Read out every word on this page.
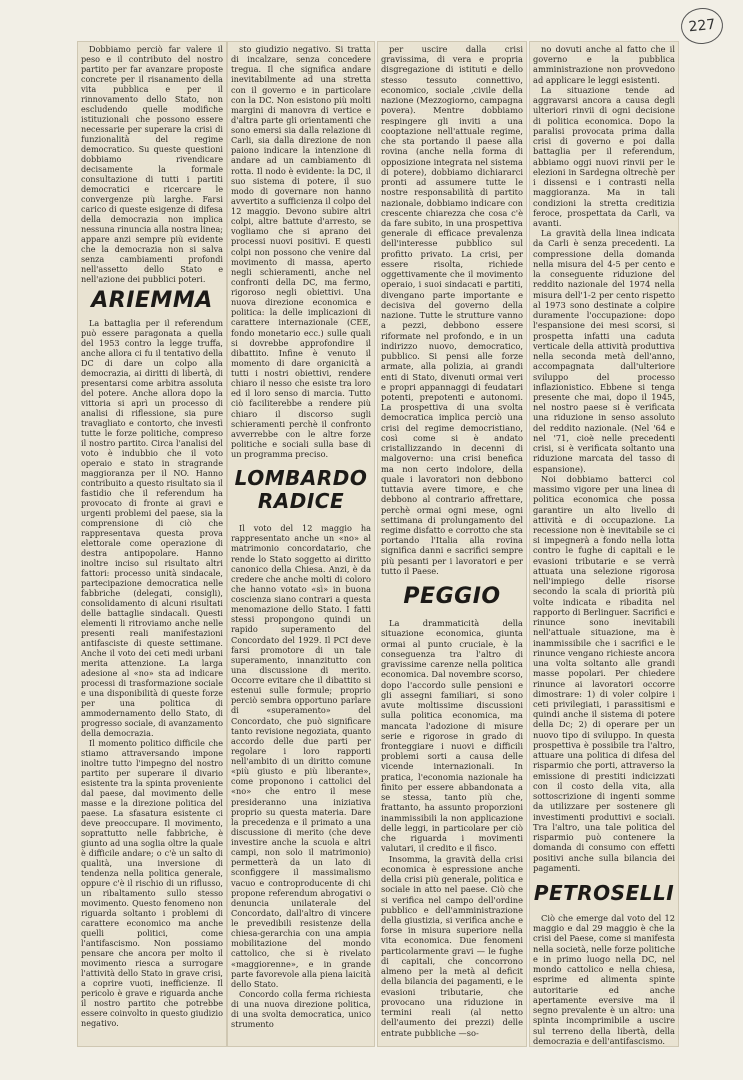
227

Dobbiamo perciò far valere il peso e il contributo del nostro partito per far avanzare proposte concrete per il risanamento della vita pubblica e per il rinnovamento dello Stato, non escludendo quelle modifiche istituzionali che possono essere necessarie per superare la crisi di funzionalità del regime democratico. Su queste questioni dobbiamo rivendicare decisamente la formale consultazione di tutti i partiti democratici e ricercare le convergenze più larghe. Farsi carico di queste esigenze di difesa della democrazia non implica nessuna rinuncia alla nostra linea; appare anzi sempre più evidente che la democrazia non si salva senza cambiamenti profondi nell'assetto dello Stato e nell'azione dei pubblici poteri.

ARIEMMA

La battaglia per il referendum può essere paragonata a quella del 1953 contro la legge truffa, anche allora ci fu il tentativo della DC di dare un colpo alla democrazia, ai diritti di libertà, di presentarsi come arbitra assoluta del potere. Anche allora dopo la vittoria si aprì un processo di analisi di riflessione, sia pure travagliato e contorto, che investì tutte le forze politiche, compreso il nostro partito. Circa l'analisi del voto è indubbio che il voto operaio e stato in stragrande maggioranza per il NO. Hanno contribuito a questo risultato sia il fastidio che il referendum ha provocato di fronte ai gravi e urgenti problemi del paese, sia la comprensione di ciò che rappresentava questa prova elettorale come operazione di destra antipopolare. Hanno inoltre inciso sul risultato altri fattori: processo unità sindacale, partecipazione democratica nelle fabbriche (delegati, consigli), consolidamento di alcuni risultati delle battaglie sindacali. Questi elementi li ritroviamo anche nelle presenti reali manifestazioni antifasciste di queste settimane. Anche il voto dei ceti medi urbani merita attenzione. La larga adesione al «no» sta ad indicare processi di trasformazione sociale e una disponibilità di queste forze per una politica di ammodernamento dello Stato, di progresso sociale, di avanzamento della democrazia.

Il momento politico difficile che stiamo attraversando impone inoltre tutto l'impegno del nostro partito per superare il divario esistente tra la spinta proveniente dal paese, dal movimento delle masse e la direzione politica del paese. La sfasatura esistente ci deve preoccupare. Il movimento, soprattutto nelle fabbriche, è giunto ad una soglia oltre la quale è difficile andare; o c'è un salto di qualità, una inversione di tendenza nella politica generale, oppure c'è il rischio di un riflusso, un ribaltamento sullo stesso movimento. Questo fenomeno non riguarda soltanto i problemi di carattere economico ma anche quelli politici, come l'antifascismo. Non possiamo pensare che ancora per molto il movimento riesca a surrogare l'attività dello Stato in grave crisi, a coprire vuoti, inefficienze. Il pericolo è grave e riguarda anche il nostro partito che potrebbe essere coinvolto in questo giudizio negativo.

sto giudizio negativo. Si tratta di incalzare, senza concedere tregua. Il che significa andare inevitabilmente ad una stretta con il governo e in particolare con la DC. Non esistono più molti margini di manovra di vertice e d'altra parte gli orientamenti che sono emersi sia dalla relazione di Carli, sia dalla direzione de non paiono indicare la intenzione di andare ad un cambiamento di rotta. Il nodo è evidente: la DC, il suo sistema di potere, il suo modo di governare non hanno avvertito a sufficienza il colpo del 12 maggio. Devono subire altri colpi, altre battute d'arresto, se vogliamo che si aprano dei processi nuovi positivi. E questi colpi non possono che venire dal movimento di massa, aperto negli schieramenti, anche nel confronti della DC, ma fermo, rigoroso negli obiettivi. Una nuova direzione economica e politica: la delle implicazioni di carattere internazionale (CEE, fondo monetario ecc.) sulle quali si dovrebbe approfondire il dibattito. Infine è venuto il momento di dare organicità a tutti i nostri obiettivi, rendere chiaro il nesso che esiste tra loro ed il loro senso di marcia. Tutto ciò faciliterebbe a rendere più chiaro il discorso sugli schieramenti perchè il confronto avverrebbe con le altre forze politiche e sociali sulla base di un programma preciso.

LOMBARDO
RADICE

Il voto del 12 maggio ha rappresentato anche un «no» al matrimonio concordatario, che rende lo Stato soggetto ai diritto canonico della Chiesa. Anzi, è da credere che anche molti di coloro che hanno votato «sì» in buona coscienza siano contrari a questa menomazione dello Stato. I fatti stessi propongono quindi un rapido superamento del Concordato del 1929. Il PCI deve farsi promotore di un tale superamento, innanzitutto con una discussione di merito. Occorre evitare che il dibattito si estenui sulle formule; proprio perciò sembra opportuno parlare di «superamento» del Concordato, che può significare tanto revisione negoziata, quanto accordo delle due parti per regolare i loro rapporti nell'ambito di un diritto comune «più giusto e più liberante», come proponono i cattolici del «no» che entro il mese presideranno una iniziativa proprio su questa materia. Dare la precedenza e il primato a una discussione di merito (che deve investire anche la scuola e altri campi, non solo il matrimonio) permetterà da un lato di sconfiggere il massimalismo vacuo e controproducente di chi propone referendum abrogativi o denuncia unilaterale del Concordato, dall'altro di vincere le prevedibili resistenze della chiesa-gerarchia con una ampia mobilitazione del mondo cattolico, che si è rivelato «maggiorenne», e in grande parte favorevole alla piena laicità dello Stato.

Concordo colla ferma richiesta di una nuova direzione politica, di una svolta democratica, unico strumento

per uscire dalla crisi gravissima, di vera e propria disgregazione di istituti e dello stesso tessuto connettivo, economico, sociale ,civile della nazione (Mezzogiorno, campagna povera). Mentre dobbiamo respingere gli inviti a una cooptazione nell'attuale regime, che sta portando il paese alla rovina (anche nella forma di opposizione integrata nel sistema di potere), dobbiamo dichiararci pronti ad assumere tutte le nostre responsabilità di partito nazionale, dobbiamo indicare con crescente chiarezza che cosa c'è da fare subito, in una prospettiva generale di efficace prevalenza dell'interesse pubblico sul profitto privato. La crisi, per essere risolta, richiede oggettivamente che il movimento operaio, i suoi sindacati e partiti, divengano parte importante e decisiva del governo della nazione. Tutte le strutture vanno a pezzi, debbono essere riformate nel profondo, e in un indirizzo nuovo, democratico, pubblico. Si pensi alle forze armate, alla polizia, ai grandi enti di Stato, divenuti ormai veri e propri appannaggi di feudatari potenti, prepotenti e autonomi. La prospettiva di una svolta democratica implica perciò una crisi del regime democristiano, così come si è andato cristallizzando in decenni di malgoverno: una crisi benefica ma non certo indolore, della quale i lavoratori non debbono tuttavia avere timore, e che debbono al contrario affrettare, perchè ormai ogni mese, ogni settimana di prolungamento del regime disfatto e corrotto che sta portando l'Italia alla rovina significa danni e sacrifici sempre più pesanti per i lavoratori e per tutto il Paese.

PEGGIO

La drammaticità della situazione economica, giunta ormai al punto cruciale, è la conseguenza tra l'altro di gravissime carenze nella politica economica. Dal novembre scorso, dopo l'accordo sulle pensioni e gli assegni familiari, si sono avute moltissime discussioni sulla politica economica, ma mancata l'adozione di misure serie e rigorose in grado di fronteggiare i nuovi e difficili problemi sorti a causa delle vicende internazionali. In pratica, l'economia nazionale ha finito per essere abbandonata a se stessa, tanto più che, frattanto, ha assunto proporzioni inammissibili la non applicazione delle leggi, in particolare per ciò che riguarda i movimenti valutari, il credito e il fisco.

Insomma, la gravità della crisi economica è espressione anche della crisi più generale, politica e sociale in atto nel paese. Ciò che si verifica nel campo dell'ordine pubblico e dell'amministrazione della giustizia, si verifica anche e forse in misura superiore nella vita economica. Due fenomeni particolarmente gravi — le fughe di capitali, che concorrono almeno per la metà al deficit della bilancia dei pagamenti, e le evasioni tributarie, che provocano una riduzione in termini reali (al netto dell'aumento dei prezzi) delle entrate pubbliche —so-

no dovuti anche al fatto che il governo e la pubblica amministrazione non provvedono ad applicare le leggi esistenti.

La situazione tende ad aggravarsi ancora a causa degli ulteriori rinvii di ogni decisione di politica economica. Dopo la paralisi provocata prima dalla crisi di governo e poi dalla battaglia per il referendum, abbiamo oggi nuovi rinvii per le elezioni in Sardegna oltrechè per i dissensi e i contrasti nella maggioranza. Ma in tali condizioni la stretta creditizia feroce, prospettata da Carli, va avanti.

La gravità della linea indicata da Carli è senza precedenti. La compressione della domanda nella misura del 4-5 per cento e la conseguente riduzione del reddito nazionale del 1974 nella misura dell'1-2 per cento rispetto al 1973 sono destinate a colpire duramente l'occupazione: dopo l'espansione dei mesi scorsi, si prospetta infatti una caduta verticale della attività produttiva nella seconda metà dell'anno, accompagnata dall'ulteriore sviluppo del processo inflazionistico. Ebbene si tenga presente che mai, dopo il 1945, nel nostro paese si è verificata una riduzione in senso assoluto del reddito nazionale. (Nel '64 e nel '71, cioè nelle precedenti crisi, si è verificata soltanto una riduzione marcata del tasso di espansione).

Noi dobbiamo batterci col massimo vigore per una linea di politica economica che possa garantire un alto livello di attività e di occupazione. La recessione non è inevitabile se ci si impegnerà a fondo nella lotta contro le fughe di capitali e le evasioni tributarie e se verrà attuata una selezione rigorosa nell'impiego delle risorse secondo la scala di priorità più volte indicata e ribadita nel rapporto di Berlinguer. Sacrifici e rinunce sono inevitabili nell'attuale situazione, ma è inammissibile che i sacrifici e le rinunce vengano richieste ancora una volta soltanto alle grandi masse popolari. Per chiedere rinunce ai lavoratori occorre dimostrare: 1) di voler colpire i ceti privilegiati, i parassitismi e quindi anche il sistema di potere della Dc; 2) di operare per un nuovo tipo di sviluppo. In questa prospettiva è possibile tra l'altro, attuare una politica di difesa del risparmio che porti, attraverso la emissione di prestiti indicizzati con il costo della vita, alla sottoscrizione di ingenti somme da utilizzare per sostenere gli investimenti produttivi e sociali. Tra l'altro, una tale politica del risparmio può contenere la domanda di consumo con effetti positivi anche sulla bilancia dei pagamenti.

PETROSELLI

Ciò che emerge dal voto del 12 maggio e dal 29 maggio è che la crisi del Paese, come si manifesta nella società, nelle forze politiche e in primo luogo nella DC, nel mondo cattolico e nella chiesa, esprime ed alimenta spinte autoritarie ed anche apertamente eversive ma il segno prevalente è un altro: una spinta incomprimibile a uscire sul terreno della libertà, della democrazia e dell'antifascismo.
